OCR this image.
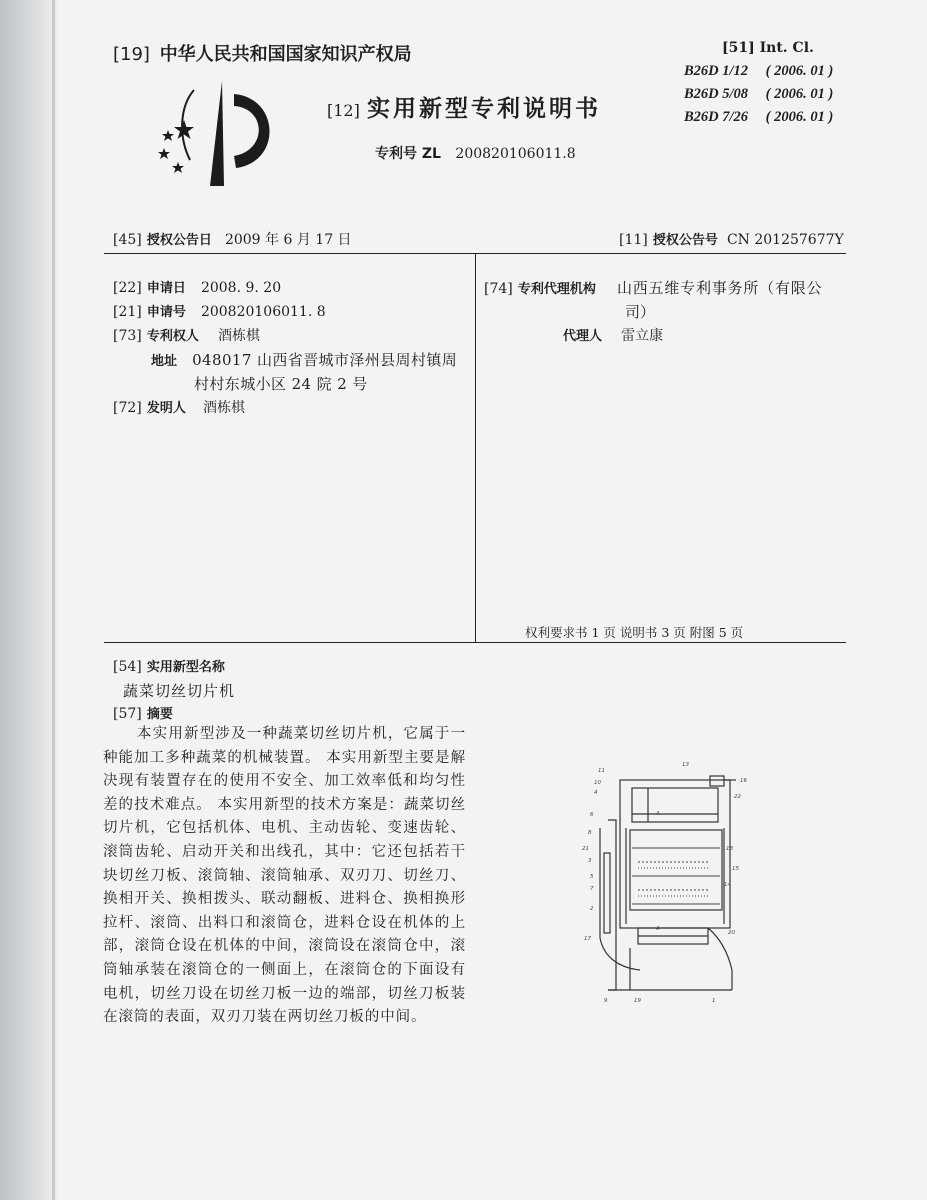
[19] 中华人民共和国国家知识产权局
[12] 实用新型专利说明书
专利号 ZL 200820106011.8
[51] Int. Cl.
B26D 1/12 ( 2006. 01 )
B26D 5/08 ( 2006. 01 )
B26D 7/26 ( 2006. 01 )
[45] 授权公告日 2009 年 6 月 17 日	[11] 授权公告号 CN 201257677Y
[22] 申请日 2008. 9. 20
[21] 申请号 200820106011. 8
[73] 专利权人 酒栋棋
地址 048017 山西省晋城市泽州县周村镇周
村村东城小区 24 院 2 号
[72] 发明人 酒栋棋
[74] 专利代理机构 山西五维专利事务所（有限公
司）
代理人 雷立康
权利要求书 1 页 说明书 3 页 附图 5 页
[54] 实用新型名称
蔬菜切丝切片机
[57] 摘要

本实用新型涉及一种蔬菜切丝切片机，它属于一种能加工多种蔬菜的机械装置。 本实用新型主要是解决现有装置存在的使用不安全、加工效率低和均匀性差的技术难点。 本实用新型的技术方案是：蔬菜切丝切片机，它包括机体、电机、主动齿轮、变速齿轮、滚筒齿轮、启动开关和出线孔，其中：它还包括若干块切丝刀板、滚筒轴、滚筒轴承、双刃刀、切丝刀、换相开关、换相拨头、联动翻板、进料仓、换相换形拉杆、滚筒、出料口和滚筒仓，进料仓设在机体的上部，滚筒仓设在机体的中间，滚筒设在滚筒仓中，滚筒轴承装在滚筒仓的一侧面上，在滚筒仓的下面设有电机，切丝刀设在切丝刀板一边的端部，切丝刀板装在滚筒的表面，双刃刀装在两切丝刀板的中间。

11
13
10	16
4
22
6
8
18
21
3
15
5
7
14
2
20
17
9
A
A
1
19
